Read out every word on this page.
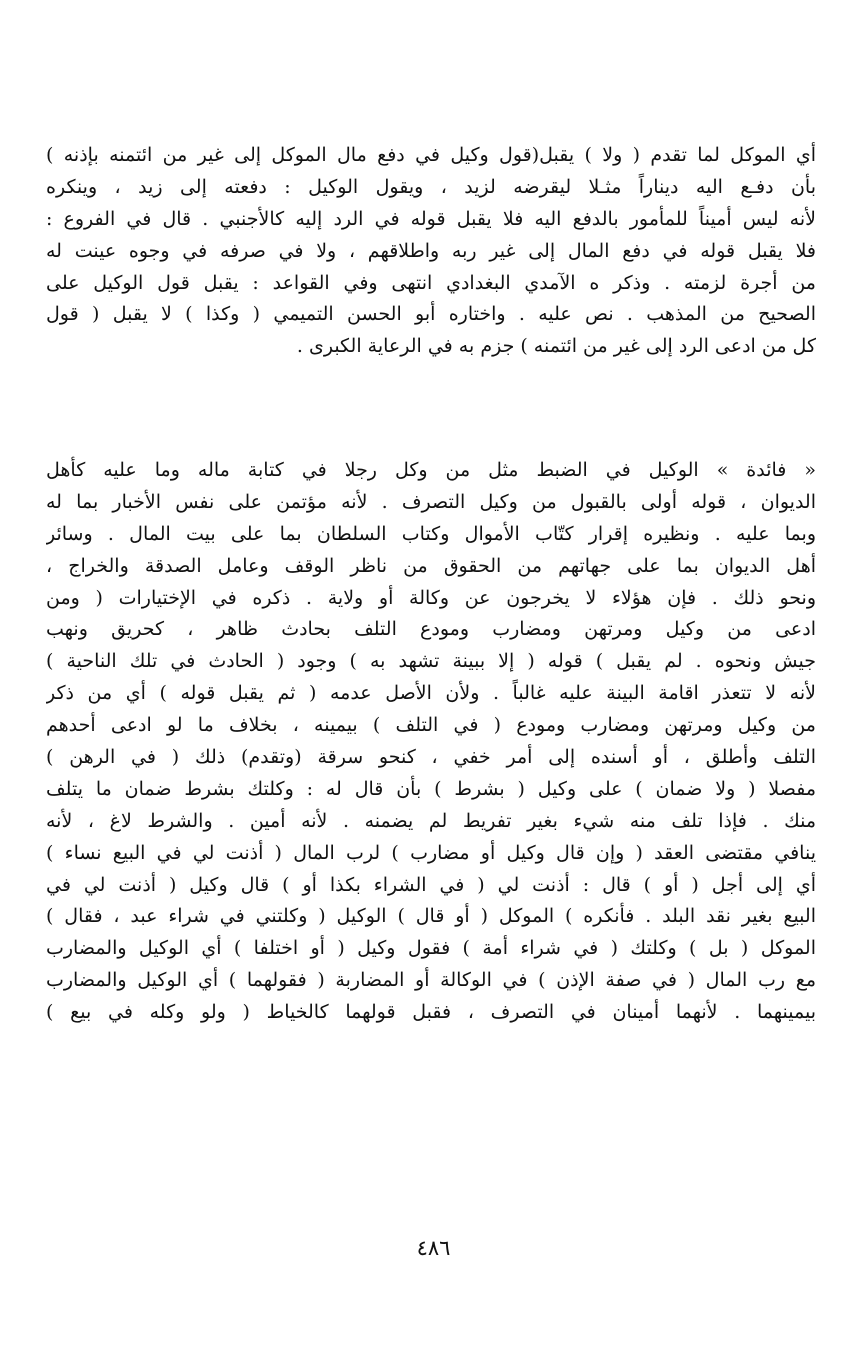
أي الموكل لما تقدم ( ولا ) يقبل(قول وكيل في دفع مال الموكل إلى غير من ائتمنه بإذنه )
بأن دفـع اليه ديناراً مثـلا ليقرضه لزيد ، ويقول الوكيل : دفعته إلى زيد ، وينكره
لأنه ليس أميناً للمأمور بالدفع اليه فلا يقبل قوله في الرد إليه كالأجنبي . قال في الفروع :
فلا يقبل قوله في دفع المال إلى غير ربه واطلاقهم ، ولا في صرفه في وجوه عينت له
من أجرة لزمته . وذكر ه الآمدي البغدادي انتهى وفي القواعد : يقبل قول الوكيل على
الصحيح من المذهب . نص عليه . واختاره أبو الحسن التميمي ( وكذا ) لا يقبل ( قول
كل من ادعى الرد إلى غير من ائتمنه ) جزم به في الرعاية الكبرى .
« فائدة » الوكيل في الضبط مثل من وكل رجلا في كتابة ماله وما عليه كأهل
الديوان ، قوله أولى بالقبول من وكيل التصرف . لأنه مؤتمن على نفس الأخبار بما له
وبما عليه . ونظيره إقرار كتّاب الأموال وكتاب السلطان بما على بيت المال . وسائر
أهل الديوان بما على جهاتهم من الحقوق من ناظر الوقف وعامل الصدقة والخراج ،
ونحو ذلك . فإن هؤلاء لا يخرجون عن وكالة أو ولاية . ذكره في الإختيارات ( ومن
ادعى من وكيل ومرتهن ومضارب ومودع التلف بحادث ظاهر ، كحريق ونهب
جيش ونحوه . لم يقبل ) قوله ( إلا ببينة تشهد به ) وجود ( الحادث في تلك الناحية )
لأنه لا تتعذر اقامة البينة عليه غالباً . ولأن الأصل عدمه ( ثم يقبل قوله ) أي من ذكر
من وكيل ومرتهن ومضارب ومودع ( في التلف ) بيمينه ، بخلاف ما لو ادعى أحدهم
التلف وأطلق ، أو أسنده إلى أمر خفي ، كنحو سرقة (وتقدم) ذلك ( في الرهن )
مفصلا ( ولا ضمان ) على وكيل ( بشرط ) بأن قال له : وكلتك بشرط ضمان ما يتلف
منك . فإذا تلف منه شيء بغير تفريط لم يضمنه . لأنه أمين . والشرط لاغ ، لأنه
ينافي مقتضى العقد ( وإن قال وكيل أو مضارب ) لرب المال ( أذنت لي في البيع نساء )
أي إلى أجل ( أو ) قال : أذنت لي ( في الشراء بكذا أو ) قال وكيل ( أذنت لي في
البيع بغير نقد البلد . فأنكره ) الموكل ( أو قال ) الوكيل ( وكلتني في شراء عبد ، فقال )
الموكل ( بل ) وكلتك ( في شراء أمة ) فقول وكيل ( أو اختلفا ) أي الوكيل والمضارب
مع رب المال ( في صفة الإذن ) في الوكالة أو المضاربة ( فقولهما ) أي الوكيل والمضارب
بيمينهما . لأنهما أمينان في التصرف ، فقبل قولهما كالخياط ( ولو وكله في بيع )
٤٨٦
